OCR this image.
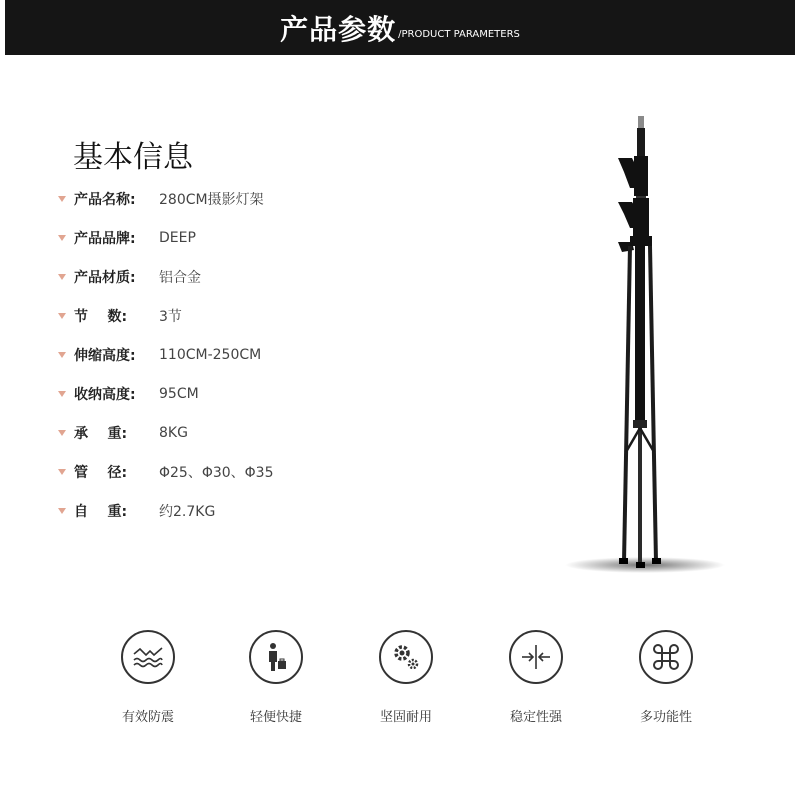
产品参数 /PRODUCT PARAMETERS
基本信息
产品名称:	280CM摄影灯架
产品品牌:	DEEP
产品材质:	铝合金
节    数:	3节
伸缩高度:	110CM-250CM
收纳高度:	95CM
承    重:	8KG
管    径:	Φ25、Φ30、Φ35
自    重:	约2.7KG
有效防震	轻便快捷	坚固耐用	稳定性强	多功能性
